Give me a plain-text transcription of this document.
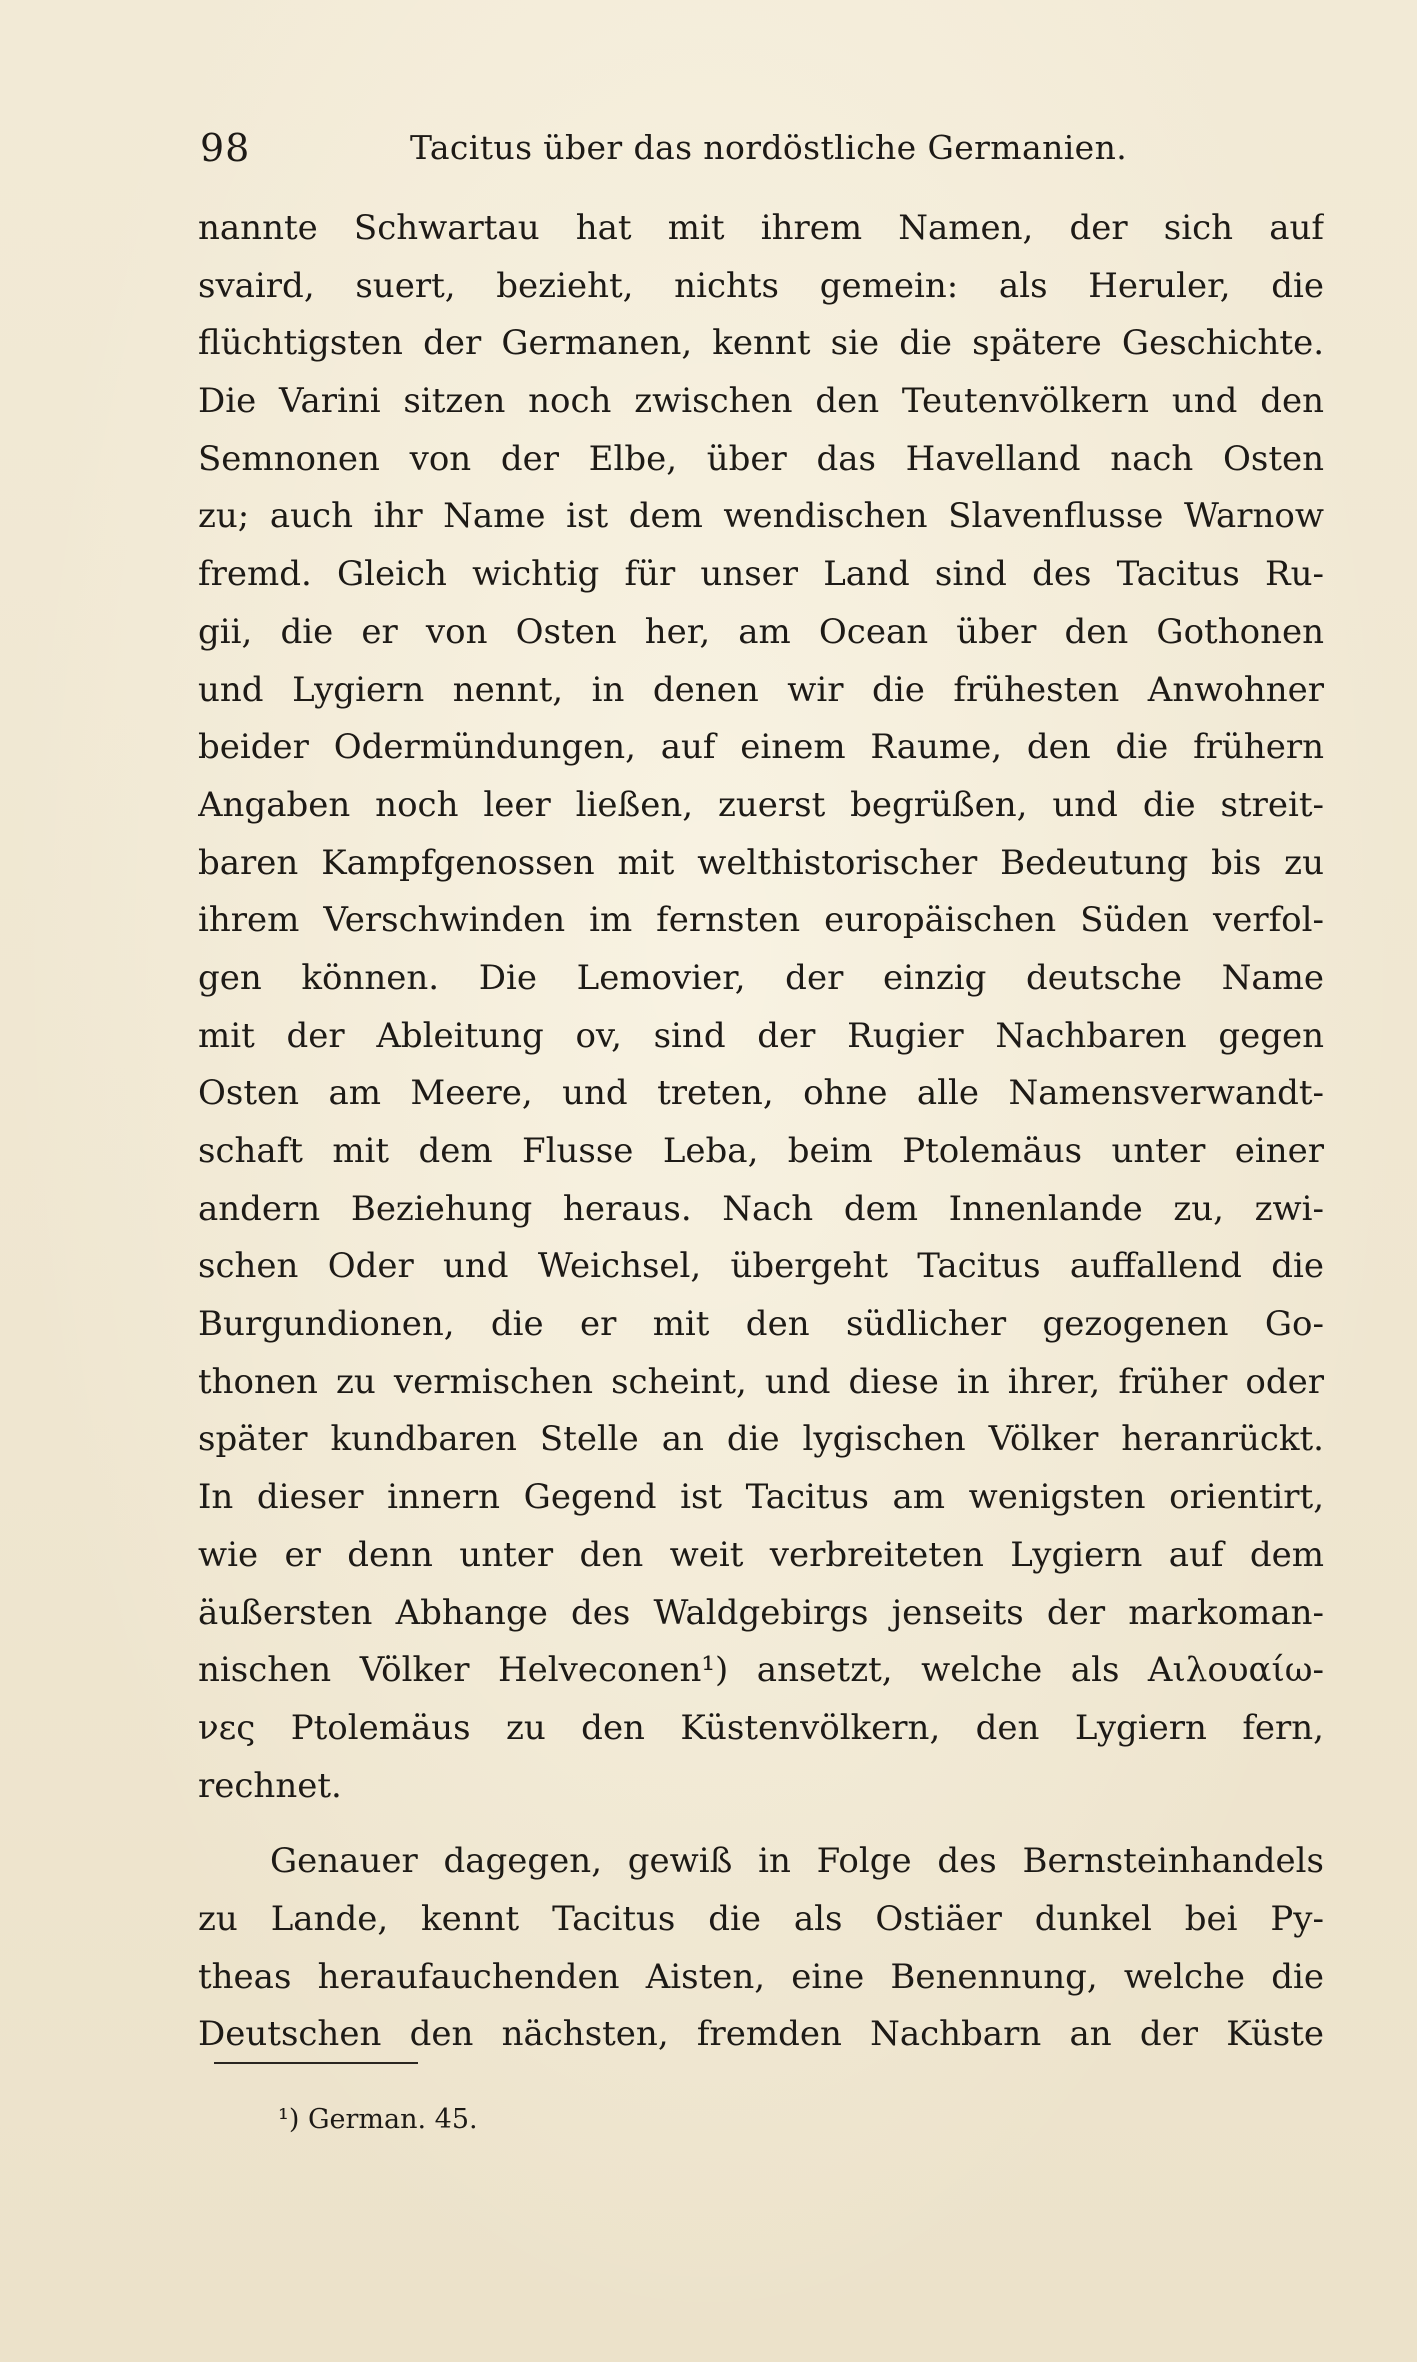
98	Tacitus über das nordöstliche Germanien.
nannte Schwartau hat mit ihrem Namen, der sich auf
svaird, suert, bezieht, nichts gemein: als Heruler, die
flüchtigsten der Germanen, kennt sie die spätere Geschichte.
Die Varini sitzen noch zwischen den Teutenvölkern und den
Semnonen von der Elbe, über das Havelland nach Osten
zu; auch ihr Name ist dem wendischen Slavenflusse Warnow
fremd. Gleich wichtig für unser Land sind des Tacitus Ru-
gii, die er von Osten her, am Ocean über den Gothonen
und Lygiern nennt, in denen wir die frühesten Anwohner
beider Odermündungen, auf einem Raume, den die frühern
Angaben noch leer ließen, zuerst begrüßen, und die streit-
baren Kampfgenossen mit welthistorischer Bedeutung bis zu
ihrem Verschwinden im fernsten europäischen Süden verfol-
gen können. Die Lemovier, der einzig deutsche Name
mit der Ableitung ov, sind der Rugier Nachbaren gegen
Osten am Meere, und treten, ohne alle Namensverwandt-
schaft mit dem Flusse Leba, beim Ptolemäus unter einer
andern Beziehung heraus. Nach dem Innenlande zu, zwi-
schen Oder und Weichsel, übergeht Tacitus auffallend die
Burgundionen, die er mit den südlicher gezogenen Go-
thonen zu vermischen scheint, und diese in ihrer, früher oder
später kundbaren Stelle an die lygischen Völker heranrückt.
In dieser innern Gegend ist Tacitus am wenigsten orientirt,
wie er denn unter den weit verbreiteten Lygiern auf dem
äußersten Abhange des Waldgebirgs jenseits der markoman-
nischen Völker Helveconen¹) ansetzt, welche als Αιλουαίω-
νες Ptolemäus zu den Küstenvölkern, den Lygiern fern,
rechnet.
Genauer dagegen, gewiß in Folge des Bernsteinhandels
zu Lande, kennt Tacitus die als Ostiäer dunkel bei Py-
theas heraufauchenden Aisten, eine Benennung, welche die
Deutschen den nächsten, fremden Nachbarn an der Küste
¹) German. 45.
